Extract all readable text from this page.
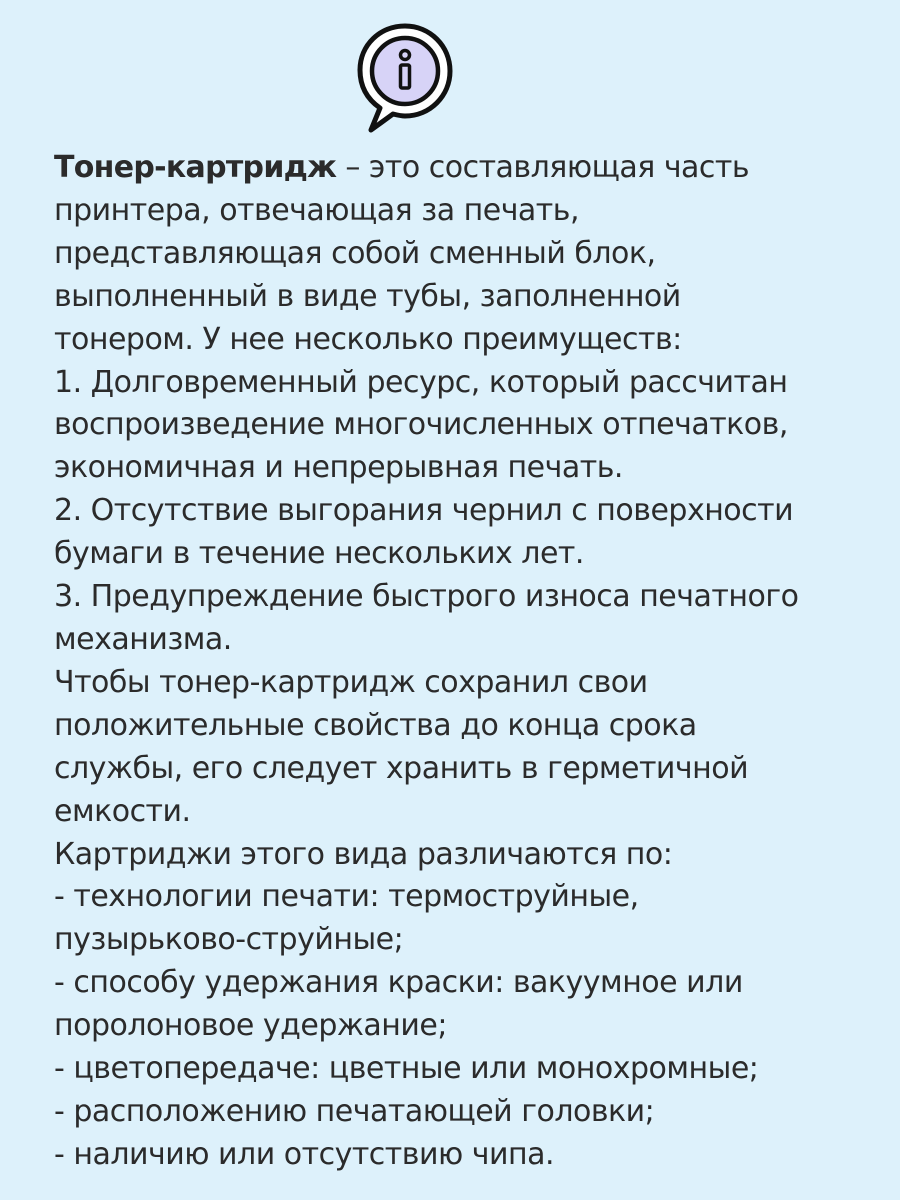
Тонер-картридж – это составляющая часть
принтера, отвечающая за печать,
представляющая собой сменный блок,
выполненный в виде тубы, заполненной
тонером. У нее несколько преимуществ:
1. Долговременный ресурс, который рассчитан
воспроизведение многочисленных отпечатков,
экономичная и непрерывная печать.
2. Отсутствие выгорания чернил с поверхности
бумаги в течение нескольких лет.
3. Предупреждение быстрого износа печатного
механизма.
Чтобы тонер-картридж сохранил свои
положительные свойства до конца срока
службы, его следует хранить в герметичной
емкости.
Картриджи этого вида различаются по:
- технологии печати: термоструйные,
пузырьково-струйные;
- способу удержания краски: вакуумное или
поролоновое удержание;
- цветопередаче: цветные или монохромные;
- расположению печатающей головки;
- наличию или отсутствию чипа.
